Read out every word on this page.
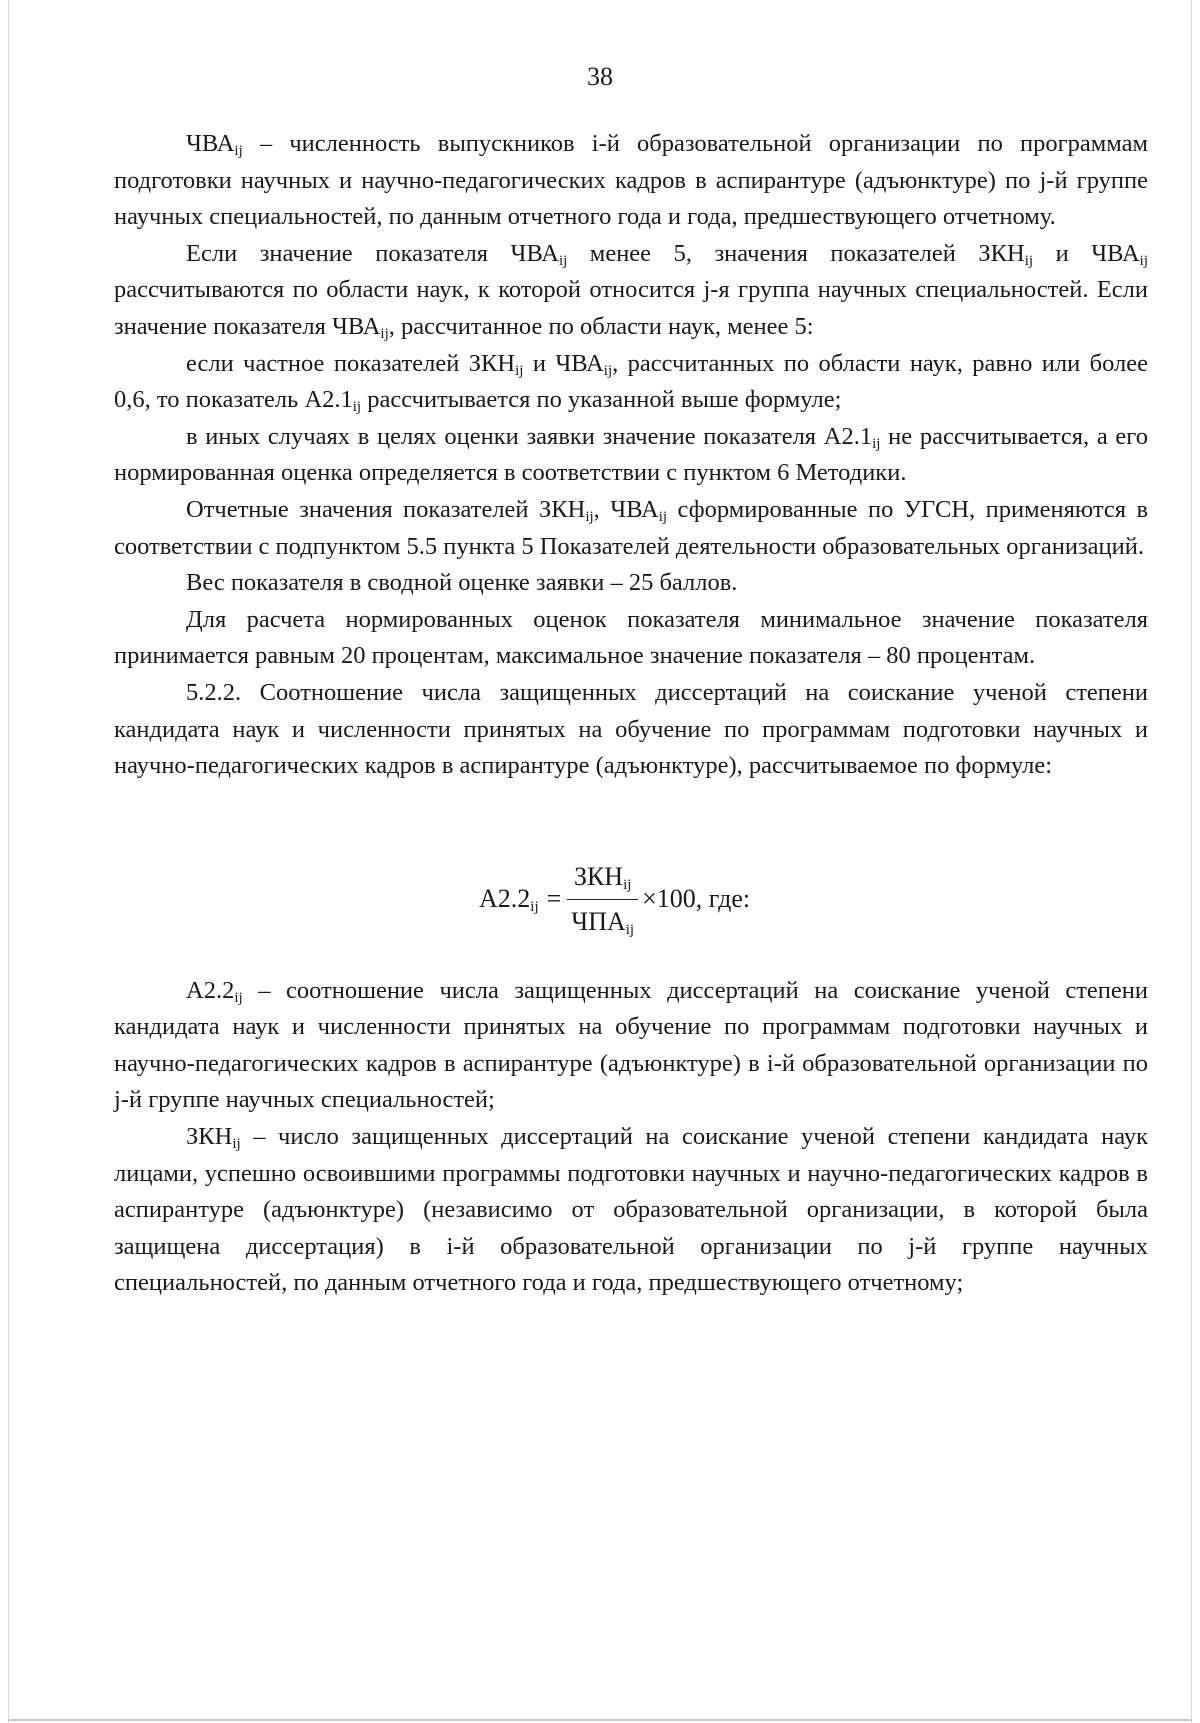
38

$ЧВА_{ij}$ – численность выпускников i-й образовательной организации по программам подготовки научных и научно-педагогических кадров в аспирантуре (адъюнктуре) по j-й группе научных специальностей, по данным отчетного года и года, предшествующего отчетному.

Если значение показателя $ЧВА_{ij}$ менее 5, значения показателей $ЗКН_{ij}$ и $ЧВА_{ij}$ рассчитываются по области наук, к которой относится j-я группа научных специальностей. Если значение показателя $ЧВА_{ij}$, рассчитанное по области наук, менее 5:

если частное показателей $ЗКН_{ij}$ и $ЧВА_{ij}$, рассчитанных по области наук, равно или более 0,6, то показатель $А2.1_{ij}$ рассчитывается по указанной выше формуле;

в иных случаях в целях оценки заявки значение показателя $А2.1_{ij}$ не рассчитывается, а его нормированная оценка определяется в соответствии с пунктом 6 Методики.

Отчетные значения показателей $ЗКН_{ij}$, $ЧВА_{ij}$ сформированные по УГСН, применяются в соответствии с подпунктом 5.5 пункта 5 Показателей деятельности образовательных организаций.

Вес показателя в сводной оценке заявки – 25 баллов.

Для расчета нормированных оценок показателя минимальное значение показателя принимается равным 20 процентам, максимальное значение показателя – 80 процентам.

5.2.2. Соотношение числа защищенных диссертаций на соискание ученой степени кандидата наук и численности принятых на обучение по программам подготовки научных и научно-педагогических кадров в аспирантуре (адъюнктуре), рассчитываемое по формуле:

$А2.2_{ij} = \frac{ЗКН_{ij}}{ЧПА_{ij}} \times 100$, где:

$А2.2_{ij}$ – соотношение числа защищенных диссертаций на соискание ученой степени кандидата наук и численности принятых на обучение по программам подготовки научных и научно-педагогических кадров в аспирантуре (адъюнктуре) в i-й образовательной организации по j-й группе научных специальностей;

$ЗКН_{ij}$ – число защищенных диссертаций на соискание ученой степени кандидата наук лицами, успешно освоившими программы подготовки научных и научно-педагогических кадров в аспирантуре (адъюнктуре) (независимо от образовательной организации, в которой была защищена диссертация) в i-й образовательной организации по j-й группе научных специальностей, по данным отчетного года и года, предшествующего отчетному;
